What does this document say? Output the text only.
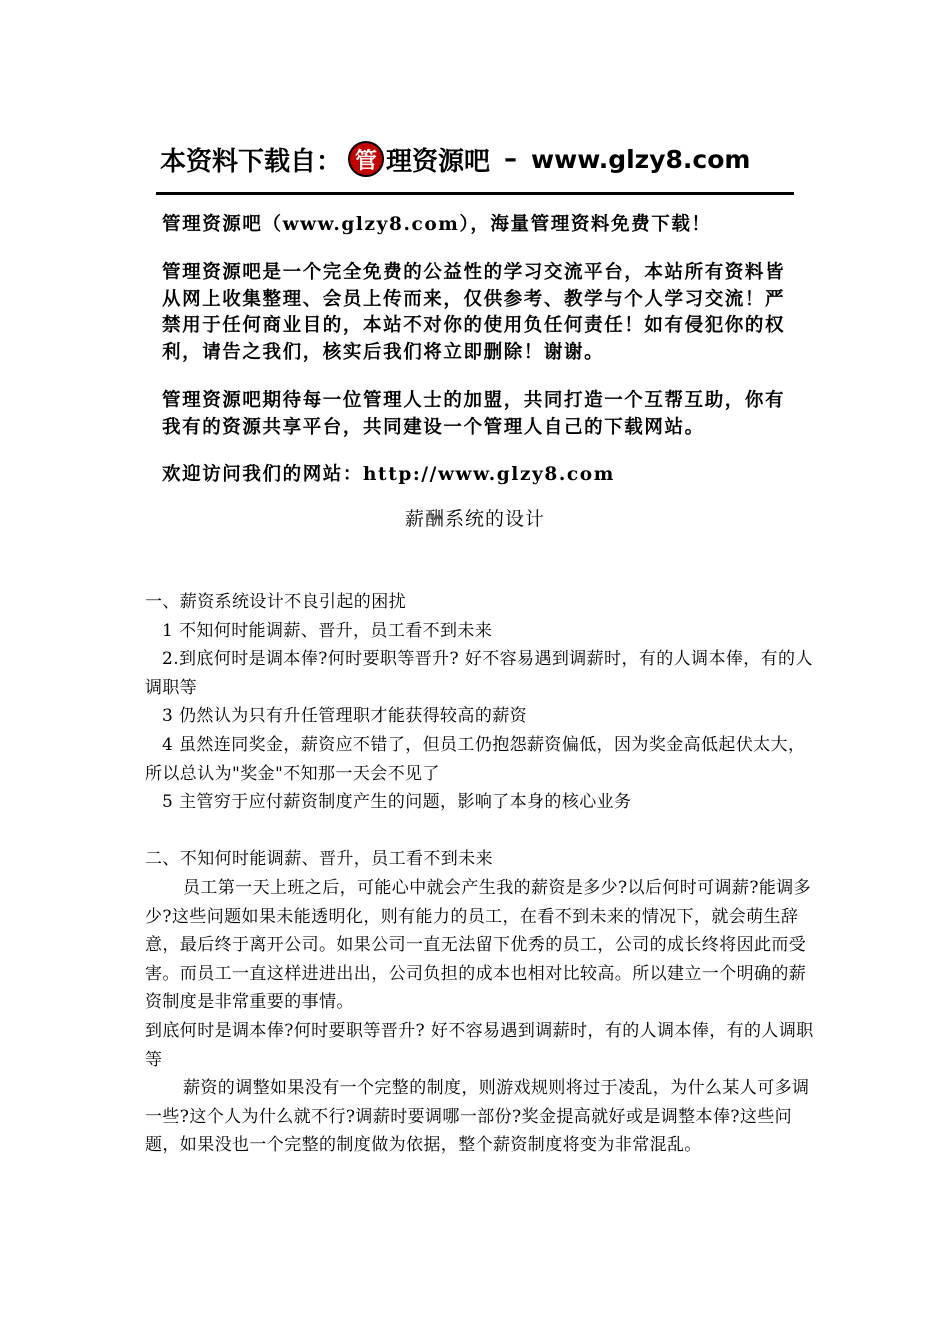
本资料下载自： 管 理资源吧 – www.glzy8.com
管理资源吧（www.glzy8.com），海量管理资料免费下载！
管理资源吧是一个完全免费的公益性的学习交流平台，本站所有资料皆从网上收集整理、会员上传而来，仅供参考、教学与个人学习交流！严禁用于任何商业目的，本站不对你的使用负任何责任！如有侵犯你的权利，请告之我们，核实后我们将立即删除！谢谢。
管理资源吧期待每一位管理人士的加盟，共同打造一个互帮互助，你有我有的资源共享平台，共同建设一个管理人自己的下载网站。
欢迎访问我们的网站：http://www.glzy8.com
薪酬系统的设计

一、薪资系统设计不良引起的困扰

1 不知何时能调薪、晋升，员工看不到未来

2.到底何时是调本俸?何时要职等晋升? 好不容易遇到调薪时，有的人调本俸，有的人调职等

3 仍然认为只有升任管理职才能获得较高的薪资

4 虽然连同奖金，薪资应不错了，但员工仍抱怨薪资偏低，因为奖金高低起伏太大，所以总认为"奖金"不知那一天会不见了

5 主管穷于应付薪资制度产生的问题，影响了本身的核心业务

二、不知何时能调薪、晋升，员工看不到未来

员工第一天上班之后，可能心中就会产生我的薪资是多少?以后何时可调薪?能调多少?这些问题如果未能透明化，则有能力的员工，在看不到未来的情况下，就会萌生辞意，最后终于离开公司。如果公司一直无法留下优秀的员工，公司的成长终将因此而受害。而员工一直这样进进出出，公司负担的成本也相对比较高。所以建立一个明确的薪资制度是非常重要的事情。

到底何时是调本俸?何时要职等晋升? 好不容易遇到调薪时，有的人调本俸，有的人调职等

薪资的调整如果没有一个完整的制度，则游戏规则将过于凌乱，为什么某人可多调一些?这个人为什么就不行?调薪时要调哪一部份?奖金提高就好或是调整本俸?这些问题，如果没也一个完整的制度做为依据，整个薪资制度将变为非常混乱。
